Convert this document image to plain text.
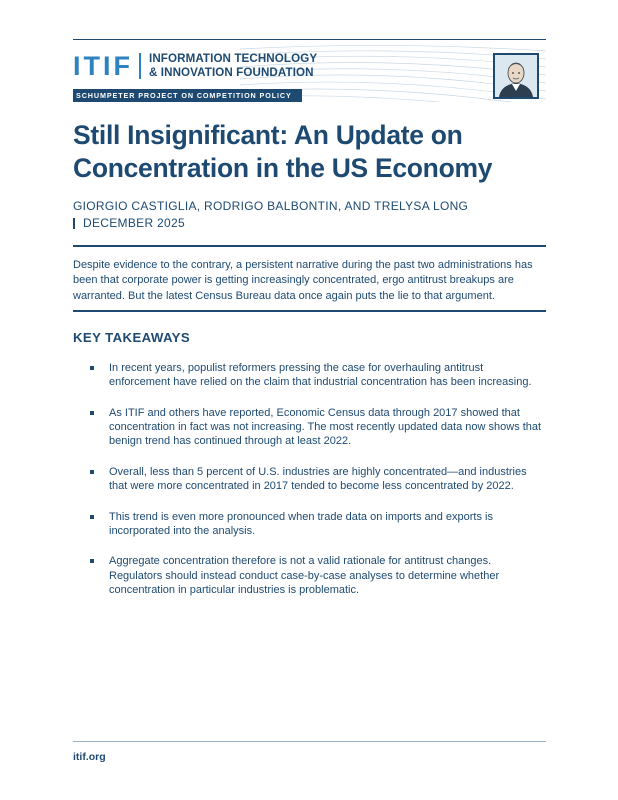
ITIF INFORMATION TECHNOLOGY
& INNOVATION FOUNDATION
SCHUMPETER PROJECT ON COMPETITION POLICY
Still Insignificant: An Update on
Concentration in the US Economy
GIORGIO CASTIGLIA, RODRIGO BALBONTIN, AND TRELYSA LONG
DECEMBER 2025

Despite evidence to the contrary, a persistent narrative during the past two administrations has been that corporate power is getting increasingly concentrated, ergo antitrust breakups are warranted. But the latest Census Bureau data once again puts the lie to that argument.

KEY TAKEAWAYS
In recent years, populist reformers pressing the case for overhauling antitrust enforcement have relied on the claim that industrial concentration has been increasing.
As ITIF and others have reported, Economic Census data through 2017 showed that concentration in fact was not increasing. The most recently updated data now shows that benign trend has continued through at least 2022.
Overall, less than 5 percent of U.S. industries are highly concentrated—and industries that were more concentrated in 2017 tended to become less concentrated by 2022.
This trend is even more pronounced when trade data on imports and exports is incorporated into the analysis.
Aggregate concentration therefore is not a valid rationale for antitrust changes. Regulators should instead conduct case-by-case analyses to determine whether concentration in particular industries is problematic.
itif.org
